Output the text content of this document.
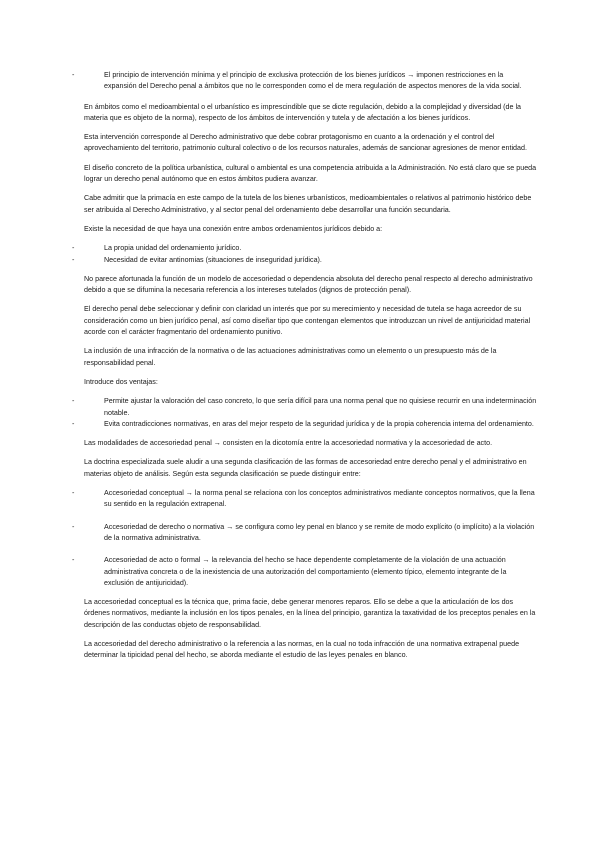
-	El principio de intervención mínima y el principio de exclusiva protección de los bienes jurídicos → imponen restricciones en la expansión del Derecho penal a ámbitos que no le corresponden como el de mera regulación de aspectos menores de la vida social.

En ámbitos como el medioambiental o el urbanístico es imprescindible que se dicte regulación, debido a la complejidad y diversidad (de la materia que es objeto de la norma), respecto de los ámbitos de intervención y tutela y de afectación a los bienes jurídicos.

Esta intervención corresponde al Derecho administrativo que debe cobrar protagonismo en cuanto a la ordenación y el control del aprovechamiento del territorio, patrimonio cultural colectivo o de los recursos naturales, además de sancionar agresiones de menor entidad.

El diseño concreto de la política urbanística, cultural o ambiental es una competencia atribuida a la Administración. No está claro que se pueda lograr un derecho penal autónomo que en estos ámbitos pudiera avanzar.

Cabe admitir que la primacía en este campo de la tutela de los bienes urbanísticos, medioambientales o relativos al patrimonio histórico debe ser atribuida al Derecho Administrativo, y al sector penal del ordenamiento debe desarrollar una función secundaria.

Existe la necesidad de que haya una conexión entre ambos ordenamientos jurídicos debido a:

-	La propia unidad del ordenamiento jurídico.
-	Necesidad de evitar antinomias (situaciones de inseguridad jurídica).

No parece afortunada la función de un modelo de accesoriedad o dependencia absoluta del derecho penal respecto al derecho administrativo debido a que se difumina la necesaria referencia a los intereses tutelados (dignos de protección penal).

El derecho penal debe seleccionar y definir con claridad un interés que por su merecimiento y necesidad de tutela se haga acreedor de su consideración como un bien jurídico penal, así como diseñar tipo que contengan elementos que introduzcan un nivel de antijuricidad material acorde con el carácter fragmentario del ordenamiento punitivo.

La inclusión de una infracción de la normativa o de las actuaciones administrativas como un elemento o un presupuesto más de la responsabilidad penal.

Introduce dos ventajas:

-	Permite ajustar la valoración del caso concreto, lo que sería difícil para una norma penal que no quisiese recurrir en una indeterminación notable.
-	Evita contradicciones normativas, en aras del mejor respeto de la seguridad jurídica y de la propia coherencia interna del ordenamiento.

Las modalidades de accesoriedad penal → consisten en la dicotomía entre la accesoriedad normativa y la accesoriedad de acto.

La doctrina especializada suele aludir a una segunda clasificación de las formas de accesoriedad entre derecho penal y el administrativo en materias objeto de análisis. Según esta segunda clasificación se puede distinguir entre:

-	Accesoriedad conceptual → la norma penal se relaciona con los conceptos administrativos mediante conceptos normativos, que la llena su sentido en la regulación extrapenal.
-	Accesoriedad de derecho o normativa → se configura como ley penal en blanco y se remite de modo explícito (o implícito) a la violación de la normativa administrativa.
-	Accesoriedad de acto o formal → la relevancia del hecho se hace dependente completamente de la violación de una actuación administrativa concreta o de la inexistencia de una autorización del comportamiento (elemento típico, elemento integrante de la exclusión de antijuricidad).

La accesoriedad conceptual es la técnica que, prima facie, debe generar menores reparos. Ello se debe a que la articulación de los dos órdenes normativos, mediante la inclusión en los tipos penales, en la línea del principio, garantiza la taxatividad de los preceptos penales en la descripción de las conductas objeto de responsabilidad.

La accesoriedad del derecho administrativo o la referencia a las normas, en la cual no toda infracción de una normativa extrapenal puede determinar la tipicidad penal del hecho, se aborda mediante el estudio de las leyes penales en blanco.
